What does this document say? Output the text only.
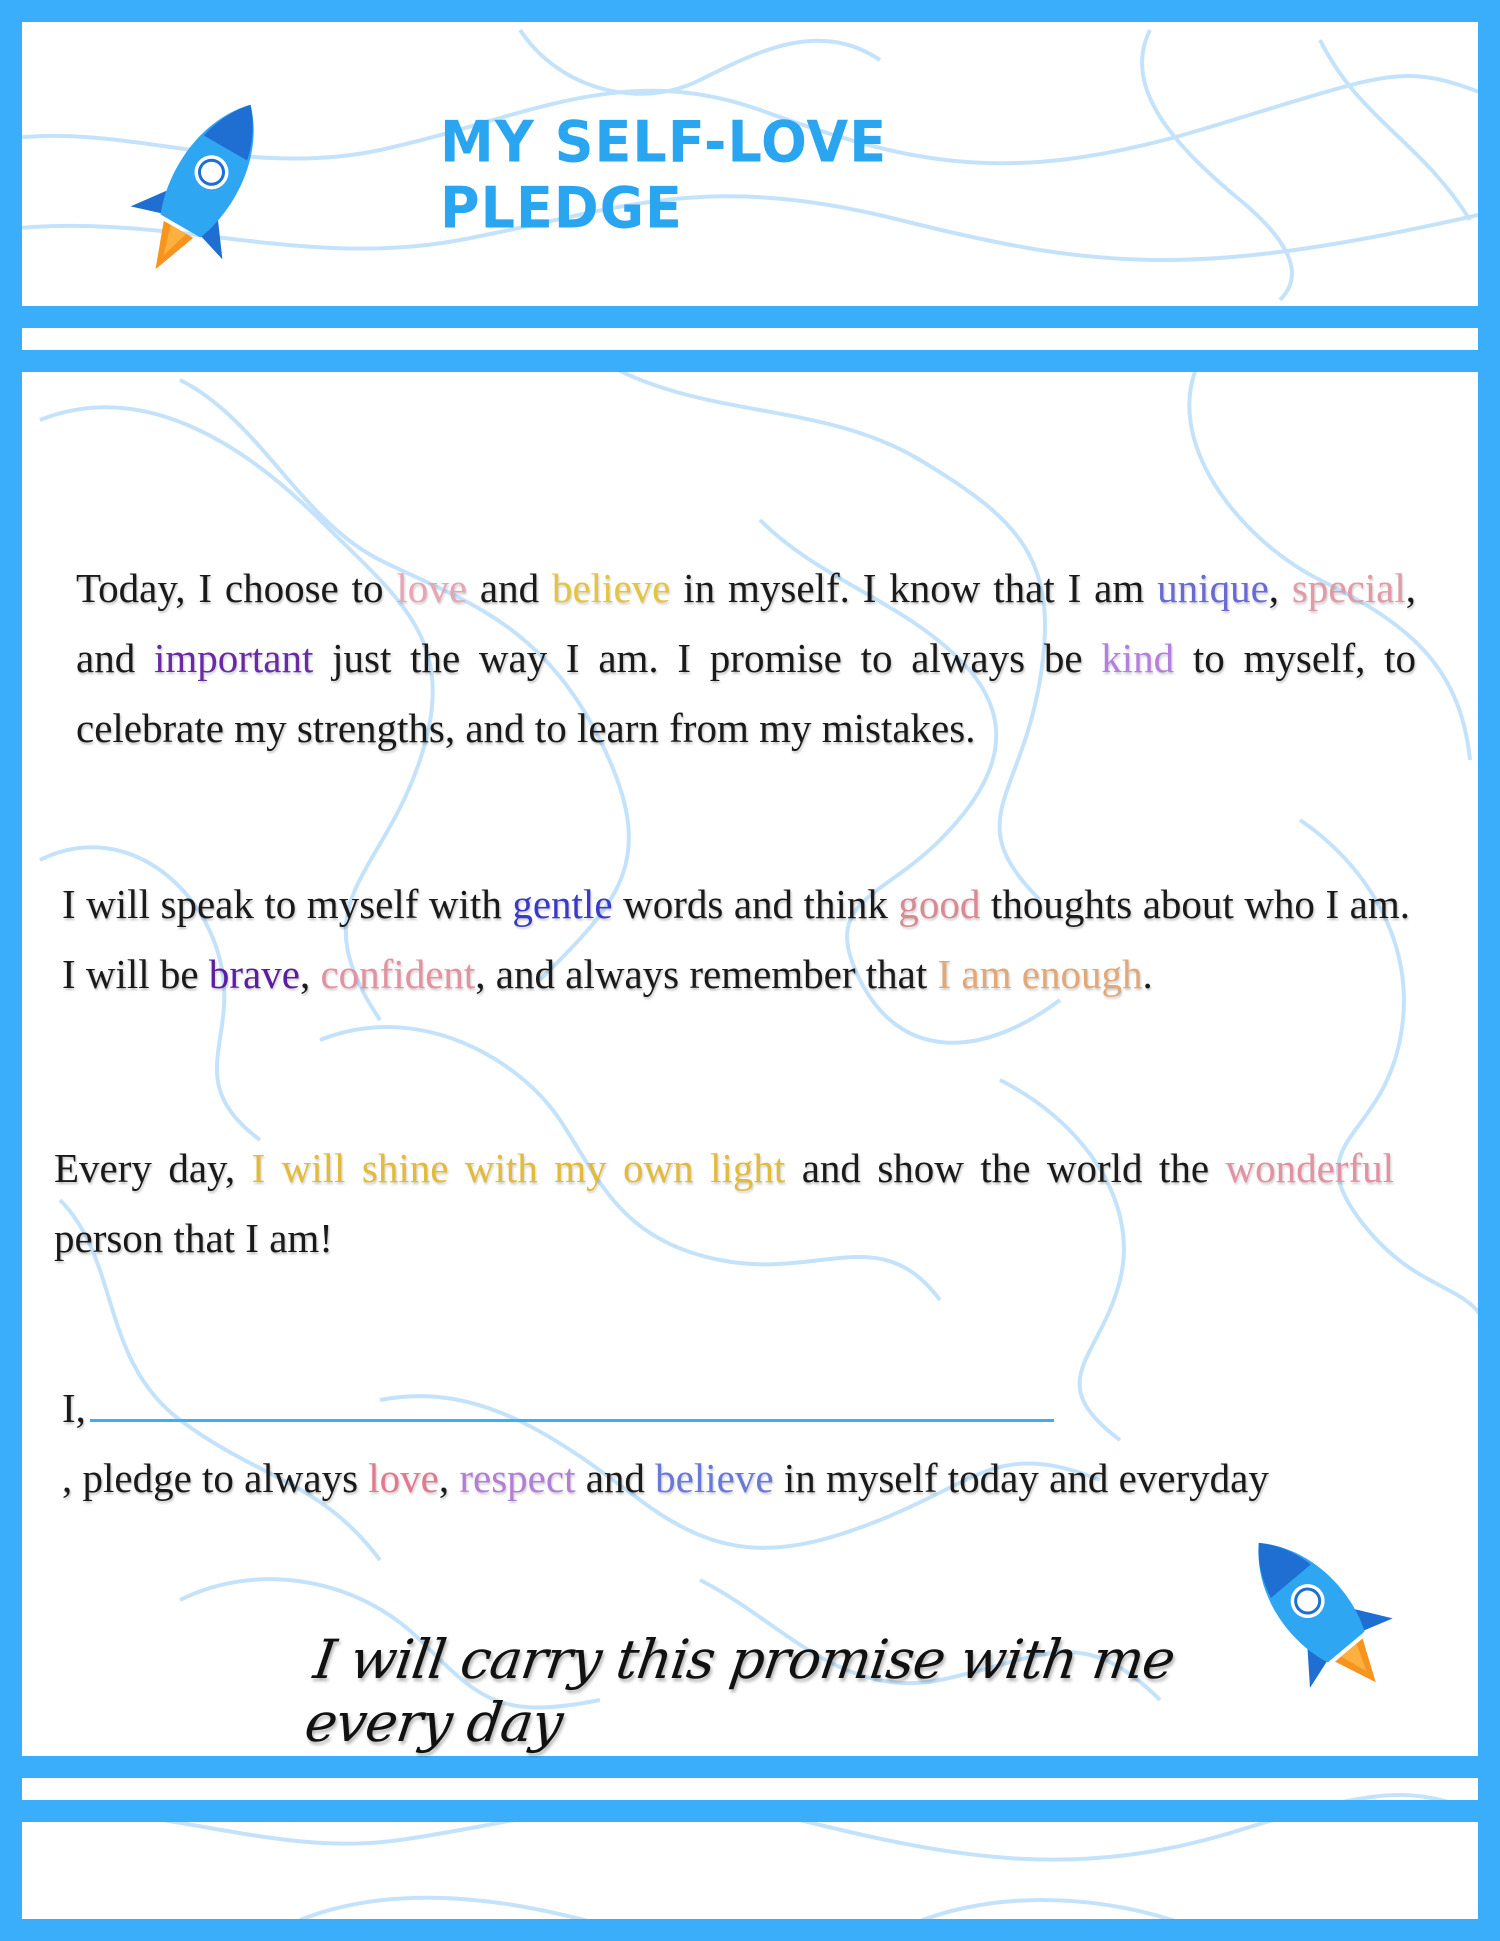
MY SELF-LOVE PLEDGE

Today, I choose to love and believe in myself. I know that I am unique, special, and important just the way I am. I promise to always be kind to myself, to celebrate my strengths, and to learn from my mistakes.

I will speak to myself with gentle words and think good thoughts about who I am. I will be brave, confident, and always remember that I am enough.

Every day, I will shine with my own light and show the world the wonderful person that I am!

I,
, pledge to always love, respect and believe in myself today and everyday

I will carry this promise with me every day
